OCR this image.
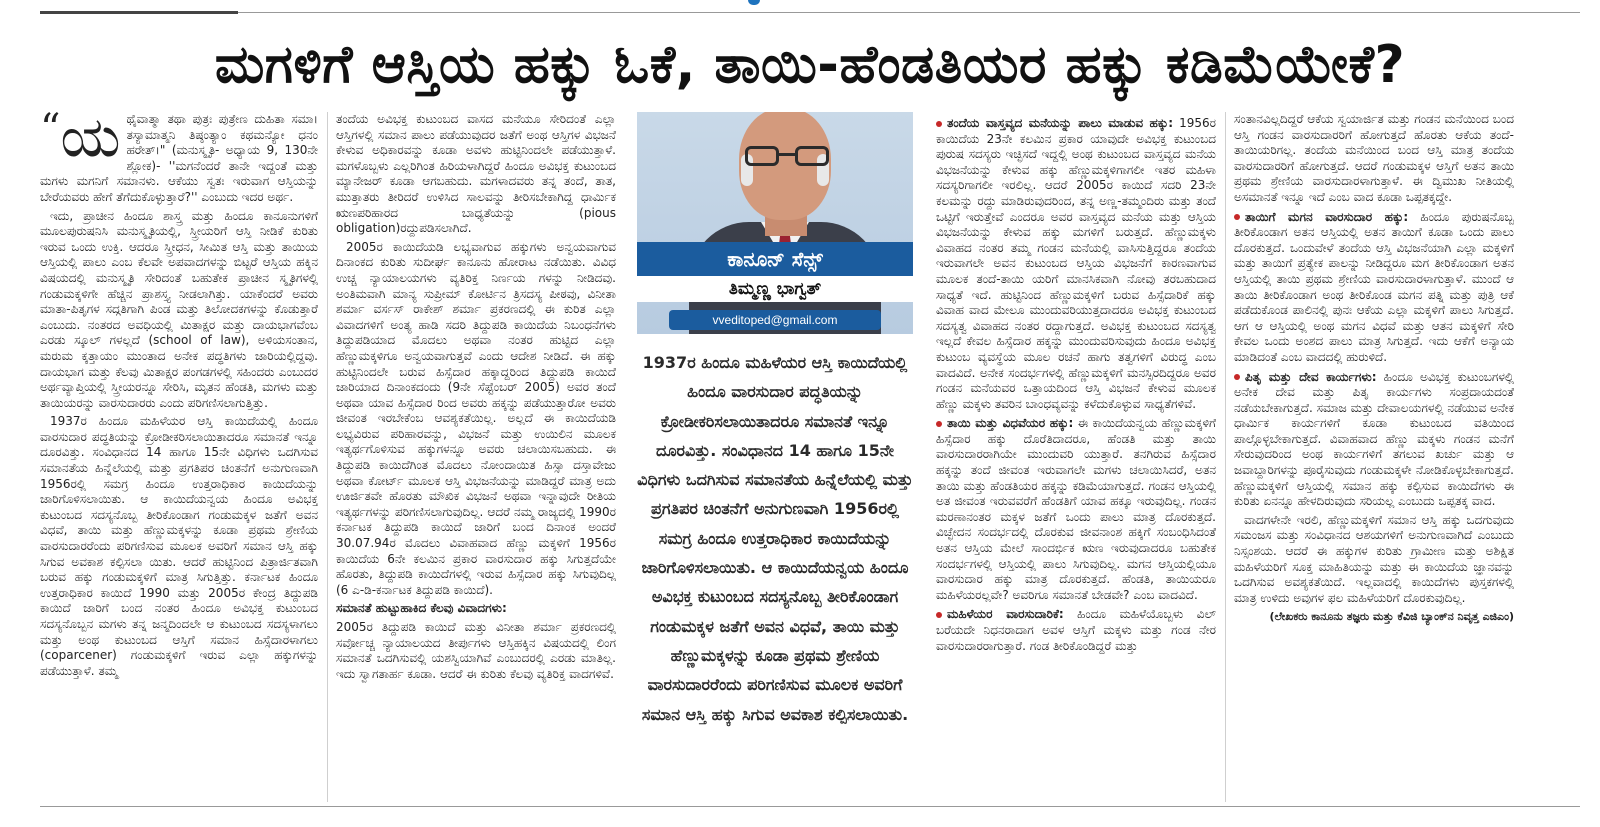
ಮಗಳಿಗೆ ಆಸ್ತಿಯ ಹಕ್ಕು ಓಕೆ, ತಾಯಿ-ಹೆಂಡತಿಯರ ಹಕ್ಕು ಕಡಿಮೆಯೇಕೆ?

“ಯ ಥೈವಾತ್ಮಾ ತಥಾ ಪುತ್ರಃ ಪುತ್ರೇಣ ದುಹಿತಾ ಸಮಾ। ತಸ್ಯಾಮಾತ್ಮನಿ ತಿಷ್ಠಂತ್ಯಾಂ ಕಥಮನ್ಯೋ ಧನಂ ಹರೇತ್।" (ಮನುಸ್ಮೃತಿ- ಅಧ್ಯಾಯ 9, 130ನೇ ಶ್ಲೋಕ)- ''ಮಗನೆಂದರೆ ತಾನೇ ಇದ್ದಂತೆ ಮತ್ತು ಮಗಳು ಮಗನಿಗೆ ಸಮಾನಳು. ಆಕೆಯು ಸ್ವತಃ ಇರುವಾಗ ಆಸ್ತಿಯನ್ನು ಬೇರೆಯವರು ಹೇಗೆ ತೆಗೆದುಕೊಳ್ಳುತ್ತಾರೆ?'' ಎಂಬುದು ಇದರ ಅರ್ಥ.

ಇದು, ಪ್ರಾಚೀನ ಹಿಂದೂ ಶಾಸ್ತ್ರ ಮತ್ತು ಹಿಂದೂ ಕಾನೂನುಗಳಿಗೆ ಮೂಲಪುರುಷನಿಸಿ ಮನುಸ್ಮೃತಿಯಲ್ಲಿ, ಸ್ತ್ರೀಯರಿಗೆ ಆಸ್ತಿ ನೀಡಿಕೆ ಕುರಿತು ಇರುವ ಒಂದು ಉಕ್ತಿ. ಆದರೂ ಸ್ತ್ರೀಧನ, ಸೀಮಿತ ಆಸ್ತಿ ಮತ್ತು ತಾಯಿಯ ಆಸ್ತಿಯಲ್ಲಿ ಪಾಲು ಎಂಬ ಕೆಲವೇ ಅಪವಾದಗಳನ್ನು ಬಿಟ್ಟರೆ ಆಸ್ತಿಯ ಹಕ್ಕಿನ ವಿಷಯದಲ್ಲಿ ಮನುಸ್ಮೃತಿ ಸೇರಿದಂತೆ ಬಹುತೇಕ ಪ್ರಾಚೀನ ಸ್ಮೃತಿಗಳಲ್ಲಿ ಗಂಡುಮಕ್ಕಳಿಗೇ ಹೆಚ್ಚಿನ ಪ್ರಾಶಸ್ತ್ಯ ನೀಡಲಾಗಿತ್ತು. ಯಾಕೆಂದರೆ ಅವರು ಮಾತಾ-ಪಿತೃಗಳ ಸದ್ಗತಿಗಾಗಿ ಪಿಂಡ ಮತ್ತು ತಿಲೋದಕಗಳನ್ನು ಕೊಡುತ್ತಾರೆ ಎಂಬುದು. ನಂತರದ ಅವಧಿಯಲ್ಲಿ ಮಿತಾಕ್ಷರ ಮತ್ತು ದಾಯಭಾಗವೆಂಬ ಎರಡು ಸ್ಕೂಲ್ ಗಳಲ್ಲದೆ (school of law), ಅಳಿಯಸಂತಾನ, ಮರುಮ ಕ್ಕತ್ತಾಯಂ ಮುಂತಾದ ಅನೇಕ ಪದ್ಧತಿಗಳು ಜಾರಿಯಲ್ಲಿದ್ದವು. ದಾಯಭಾಗ ಮತ್ತು ಕೆಲವು ಮಿತಾಕ್ಷರ ಪಂಗಡಗಳಲ್ಲಿ ಸಹಿಂದರು ಎಂಬುದರ ಅರ್ಥವ್ಯಾಪ್ತಿಯಲ್ಲಿ ಸ್ತ್ರೀಯರನ್ನೂ ಸೇರಿಸಿ, ಮೃತನ ಹೆಂಡತಿ, ಮಗಳು ಮತ್ತು ತಾಯಿಯರನ್ನು ವಾರಸುದಾರರು ಎಂದು ಪರಿಗಣಿಸಲಾಗುತ್ತಿತ್ತು.

1937ರ ಹಿಂದೂ ಮಹಿಳೆಯರ ಆಸ್ತಿ ಕಾಯಿದೆಯಲ್ಲಿ ಹಿಂದೂ ವಾರಸುದಾರ ಪದ್ಧತಿಯನ್ನು ಕ್ರೋಡೀಕರಿಸಲಾಯಿತಾದರೂ ಸಮಾನತೆ ಇನ್ನೂ ದೂರವಿತ್ತು. ಸಂವಿಧಾನದ 14 ಹಾಗೂ 15ನೇ ವಿಧಿಗಳು ಒದಗಿಸುವ ಸಮಾನತೆಯ ಹಿನ್ನೆಲೆಯಲ್ಲಿ ಮತ್ತು ಪ್ರಗತಿಪರ ಚಿಂತನೆಗೆ ಅನುಗುಣವಾಗಿ 1956ರಲ್ಲಿ ಸಮಗ್ರ ಹಿಂದೂ ಉತ್ತರಾಧಿಕಾರ ಕಾಯಿದೆಯನ್ನು ಜಾರಿಗೊಳಿಸಲಾಯಿತು. ಆ ಕಾಯಿದೆಯನ್ವಯ ಹಿಂದೂ ಅವಿಭಕ್ತ ಕುಟುಂಬದ ಸದಸ್ಯನೊಬ್ಬ ತೀರಿಕೊಂಡಾಗ ಗಂಡುಮಕ್ಕಳ ಜತೆಗೆ ಅವನ ವಿಧವೆ, ತಾಯಿ ಮತ್ತು ಹೆಣ್ಣುಮಕ್ಕಳನ್ನು ಕೂಡಾ ಪ್ರಥಮ ಶ್ರೇಣಿಯ ವಾರಸುದಾರರೆಂದು ಪರಿಗಣಿಸುವ ಮೂಲಕ ಅವರಿಗೆ ಸಮಾನ ಆಸ್ತಿ ಹಕ್ಕು ಸಿಗುವ ಅವಕಾಶ ಕಲ್ಪಿಸಲಾ ಯಿತು. ಆದರೆ ಹುಟ್ಟಿನಿಂದ ಪಿತ್ರಾರ್ಜಿತವಾಗಿ ಬರುವ ಹಕ್ಕು ಗಂಡುಮಕ್ಕಳಿಗೆ ಮಾತ್ರ ಸಿಗುತ್ತಿತ್ತು. ಕರ್ನಾಟಕ ಹಿಂದೂ ಉತ್ತರಾಧಿಕಾರ ಕಾಯಿದೆ 1990 ಮತ್ತು 2005ರ ಕೇಂದ್ರ ತಿದ್ದುಪಡಿ ಕಾಯಿದೆ ಜಾರಿಗೆ ಬಂದ ನಂತರ ಹಿಂದೂ ಅವಿಭಕ್ತ ಕುಟುಂಬದ ಸದಸ್ಯನೊಬ್ಬನ ಮಗಳು ತನ್ನ ಜನ್ಮದಿಂದಲೇ ಆ ಕುಟುಂಬದ ಸದಸ್ಯಳಾಗಲು ಮತ್ತು ಅಂಥ ಕುಟುಂಬದ ಆಸ್ತಿಗೆ ಸಮಾನ ಹಿಸ್ಸೆದಾರಳಾಗಲು (coparcener) ಗಂಡುಮಕ್ಕಳಿಗೆ ಇರುವ ಎಲ್ಲಾ ಹಕ್ಕುಗಳನ್ನು ಪಡೆಯುತ್ತಾಳೆ. ತಮ್ಮ

ತಂದೆಯ ಅವಿಭಕ್ತ ಕುಟುಂಬದ ವಾಸದ ಮನೆಯೂ ಸೇರಿದಂತೆ ಎಲ್ಲಾ ಆಸ್ತಿಗಳಲ್ಲಿ ಸಮಾನ ಪಾಲು ಪಡೆಯುವುದರ ಜತೆಗೆ ಅಂಥ ಆಸ್ತಿಗಳ ವಿಭಜನೆ ಕೇಳುವ ಅಧಿಕಾರವನ್ನು ಕೂಡಾ ಅವಳು ಹುಟ್ಟಿನಿಂದಲೇ ಪಡೆಯುತ್ತಾಳೆ. ಮಗಳೊಬ್ಬಳು ಎಲ್ಲರಿಗಿಂತ ಹಿರಿಯಳಾಗಿದ್ದರೆ ಹಿಂದೂ ಅವಿಭಕ್ತ ಕುಟುಂಬದ ಮ್ಯಾನೇಜರ್ ಕೂಡಾ ಆಗಬಹುದು. ಮಗಳಾದವರು ತನ್ನ ತಂದೆ, ತಾತ, ಮುತ್ತಾತರು ತೀರಿದರೆ ಉಳಿಸಿದ ಸಾಲವನ್ನು ತೀರಿಸಬೇಕಾಗಿದ್ದ ಧಾರ್ಮಿಕ ಋಣಪರಿಹಾರದ ಬಾಧ್ಯತೆಯನ್ನು (pious obligation)ರದ್ದುಪಡಿಸಲಾಗಿದೆ.

2005ರ ಕಾಯಿದೆಯಡಿ ಲಭ್ಯವಾಗುವ ಹಕ್ಕುಗಳು ಅನ್ವಯವಾಗುವ ದಿನಾಂಕದ ಕುರಿತು ಸುದೀರ್ಘ ಕಾನೂನು ಹೋರಾಟ ನಡೆಯಿತು. ವಿವಿಧ ಉಚ್ಚ ನ್ಯಾಯಾಲಯಗಳು ವ್ಯತಿರಿಕ್ತ ನಿರ್ಣಯ ಗಳನ್ನು ನೀಡಿದವು. ಅಂತಿಮವಾಗಿ ಮಾನ್ಯ ಸುಪ್ರೀಮ್ ಕೋರ್ಟಿನ ತ್ರಿಸದಸ್ಯ ಪೀಠವು, ವಿನೀತಾ ಶರ್ಮಾ ವರ್ಸಸ್ ರಾಕೇಶ್ ಶರ್ಮಾ ಪ್ರಕರಣದಲ್ಲಿ ಈ ಕುರಿತ ಎಲ್ಲಾ ವಿವಾದಗಳಿಗೆ ಅಂತ್ಯ ಹಾಡಿ ಸದರಿ ತಿದ್ದುಪಡಿ ಕಾಯಿದೆಯ ನಿಬಂಧನೆಗಳು ತಿದ್ದುಪಡಿಯಾದ ಮೊದಲು ಅಥವಾ ನಂತರ ಹುಟ್ಟಿದ ಎಲ್ಲಾ ಹೆಣ್ಣುಮಕ್ಕಳಿಗೂ ಅನ್ವಯವಾಗುತ್ತವೆ ಎಂದು ಆದೇಶ ನೀಡಿದೆ. ಈ ಹಕ್ಕು ಹುಟ್ಟಿನಿಂದಲೇ ಬರುವ ಹಿಸ್ಸೆದಾರ ಹಕ್ಕಾದ್ದರಿಂದ ತಿದ್ದುಪಡಿ ಕಾಯಿದೆ ಜಾರಿಯಾದ ದಿನಾಂಕದಂದು (9ನೇ ಸೆಪ್ಟೆಂಬರ್ 2005) ಅವರ ತಂದೆ ಅಥವಾ ಯಾವ ಹಿಸ್ಸೆದಾರ ರಿಂದ ಅವರು ಹಕ್ಕನ್ನು ಪಡೆಯುತ್ತಾರೋ ಅವರು ಜೀವಂತ ಇರಬೇಕೆಂಬ ಆವಶ್ಯಕತೆಯಿಲ್ಲ. ಅಲ್ಲದೆ ಈ ಕಾಯಿದೆಯಡಿ ಲಭ್ಯವಿರುವ ಪರಿಹಾರವನ್ನು, ವಿಭಜನೆ ಮತ್ತು ಉಯಿಲಿನ ಮೂಲಕ ಇತ್ಯರ್ಥಗೊಳಿಸುವ ಹಕ್ಕುಗಳನ್ನೂ ಅವರು ಚಲಾಯಿಸಬಹುದು. ಈ ತಿದ್ದುಪಡಿ ಕಾಯಿದೆಗಿಂತ ಮೊದಲು ನೋಂದಾಯಿತ ಹಿಸ್ಸಾ ದಸ್ತಾವೇಜು ಅಥವಾ ಕೋರ್ಟ್ ಮೂಲಕ ಆಸ್ತಿ ವಿಭಜನೆಯನ್ನು ಮಾಡಿದ್ದರೆ ಮಾತ್ರ ಅದು ಊರ್ಜಿತವೇ ಹೊರತು ಮೌಖಿಕ ವಿಭಜನೆ ಅಥವಾ ಇನ್ನಾವುದೇ ರೀತಿಯ ಇತ್ಯರ್ಥಗಳನ್ನು ಪರಿಗಣಿಸಲಾಗುವುದಿಲ್ಲ. ಆದರೆ ನಮ್ಮ ರಾಜ್ಯದಲ್ಲಿ 1990ರ ಕರ್ನಾಟಕ ತಿದ್ದುಪಡಿ ಕಾಯಿದೆ ಜಾರಿಗೆ ಬಂದ ದಿನಾಂಕ ಅಂದರೆ 30.07.94ರ ಮೊದಲು ವಿವಾಹವಾದ ಹೆಣ್ಣು ಮಕ್ಕಳಿಗೆ 1956ರ ಕಾಯಿದೆಯ 6ನೇ ಕಲಮಿನ ಪ್ರಕಾರ ವಾರಸುದಾರ ಹಕ್ಕು ಸಿಗುತ್ತದೆಯೇ ಹೊರತು, ತಿದ್ದುಪಡಿ ಕಾಯಿದೆಗಳಲ್ಲಿ ಇರುವ ಹಿಸ್ಸೆದಾರ ಹಕ್ಕು ಸಿಗುವುದಿಲ್ಲ (6 ಎ-ಡಿ-ಕರ್ನಾಟಕ ತಿದ್ದುಪಡಿ ಕಾಯಿದೆ).

ಸಮಾನತೆ ಹುಟ್ಟುಹಾಕಿದ ಕೆಲವು ವಿವಾದಗಳು:

2005ರ ತಿದ್ದುಪಡಿ ಕಾಯಿದೆ ಮತ್ತು ವಿನೀತಾ ಶರ್ಮಾ ಪ್ರಕರಣದಲ್ಲಿ ಸರ್ವೋಚ್ಚ ನ್ಯಾಯಾಲಯದ ತೀರ್ಪುಗಳು ಆಸ್ತಿಹಕ್ಕಿನ ವಿಷಯದಲ್ಲಿ ಲಿಂಗ ಸಮಾನತೆ ಒದಗಿಸುವಲ್ಲಿ ಯಶಸ್ವಿಯಾಗಿವೆ ಎಂಬುದರಲ್ಲಿ ಎರಡು ಮಾತಿಲ್ಲ. ಇದು ಸ್ವಾಗತಾರ್ಹ ಕೂಡಾ. ಆದರೆ ಈ ಕುರಿತು ಕೆಲವು ವ್ಯತಿರಿಕ್ತ ವಾದಗಳಿವೆ.

ಕಾನೂನ್ ಸೆನ್ಸ್
ತಿಮ್ಮಣ್ಣ ಭಾಗ್ವತ್
vveditoped@gmail.com
1937ರ ಹಿಂದೂ ಮಹಿಳೆಯರ ಆಸ್ತಿ ಕಾಯಿದೆಯಲ್ಲಿ ಹಿಂದೂ ವಾರಸುದಾರ ಪದ್ಧತಿಯನ್ನು ಕ್ರೋಡೀಕರಿಸಲಾಯಿತಾದರೂ ಸಮಾನತೆ ಇನ್ನೂ ದೂರವಿತ್ತು. ಸಂವಿಧಾನದ 14 ಹಾಗೂ 15ನೇ ವಿಧಿಗಳು ಒದಗಿಸುವ ಸಮಾನತೆಯ ಹಿನ್ನೆಲೆಯಲ್ಲಿ ಮತ್ತು ಪ್ರಗತಿಪರ ಚಿಂತನೆಗೆ ಅನುಗುಣವಾಗಿ 1956ರಲ್ಲಿ ಸಮಗ್ರ ಹಿಂದೂ ಉತ್ತರಾಧಿಕಾರ ಕಾಯಿದೆಯನ್ನು ಜಾರಿಗೊಳಿಸಲಾಯಿತು. ಆ ಕಾಯಿದೆಯನ್ವಯ ಹಿಂದೂ ಅವಿಭಕ್ತ ಕುಟುಂಬದ ಸದಸ್ಯನೊಬ್ಬ ತೀರಿಕೊಂಡಾಗ ಗಂಡುಮಕ್ಕಳ ಜತೆಗೆ ಅವನ ವಿಧವೆ, ತಾಯಿ ಮತ್ತು ಹೆಣ್ಣುಮಕ್ಕಳನ್ನು ಕೂಡಾ ಪ್ರಥಮ ಶ್ರೇಣಿಯ ವಾರಸುದಾರರೆಂದು ಪರಿಗಣಿಸುವ ಮೂಲಕ ಅವರಿಗೆ ಸಮಾನ ಆಸ್ತಿ ಹಕ್ಕು ಸಿಗುವ ಅವಕಾಶ ಕಲ್ಪಿಸಲಾಯಿತು.

ತಂದೆಯ ವಾಸ್ತವ್ಯದ ಮನೆಯನ್ನು ಪಾಲು ಮಾಡುವ ಹಕ್ಕು: 1956ರ ಕಾಯಿದೆಯ 23ನೇ ಕಲಮಿನ ಪ್ರಕಾರ ಯಾವುದೇ ಅವಿಭಕ್ತ ಕುಟುಂಬದ ಪುರುಷ ಸದಸ್ಯರು ಇಚ್ಛಿಸದೆ ಇದ್ದಲ್ಲಿ ಅಂಥ ಕುಟುಂಬದ ವಾಸ್ತವ್ಯದ ಮನೆಯ ವಿಭಜನೆಯನ್ನು ಕೇಳುವ ಹಕ್ಕು ಹೆಣ್ಣುಮಕ್ಕಳಿಗಾಗಲೀ ಇತರ ಮಹಿಳಾ ಸದಸ್ಯರಿಗಾಗಲೀ ಇರಲಿಲ್ಲ. ಆದರೆ 2005ರ ಕಾಯಿದೆ ಸದರಿ 23ನೇ ಕಲಮನ್ನು ರದ್ದು ಮಾಡಿರುವುದರಿಂದ, ತನ್ನ ಅಣ್ಣ-ತಮ್ಮಂದಿರು ಮತ್ತು ತಂದೆ ಒಟ್ಟಿಗೆ ಇರುತ್ತೇವೆ ಎಂದರೂ ಅವರ ವಾಸ್ತವ್ಯದ ಮನೆಯ ಮತ್ತು ಆಸ್ತಿಯ ವಿಭಜನೆಯನ್ನು ಕೇಳುವ ಹಕ್ಕು ಮಗಳಿಗೆ ಬರುತ್ತದೆ. ಹೆಣ್ಣುಮಕ್ಕಳು ವಿವಾಹದ ನಂತರ ತಮ್ಮ ಗಂಡನ ಮನೆಯಲ್ಲಿ ವಾಸಿಸುತ್ತಿದ್ದರೂ ತಂದೆಯ ಇರುವಾಗಲೇ ಅವನ ಕುಟುಂಬದ ಆಸ್ತಿಯ ವಿಭಜನೆಗೆ ಕಾರಣವಾಗುವ ಮೂಲಕ ತಂದೆ-ತಾಯಿ ಯರಿಗೆ ಮಾನಸಿಕವಾಗಿ ನೋವು ತರಬಹುದಾದ ಸಾಧ್ಯತೆ ಇದೆ. ಹುಟ್ಟಿನಿಂದ ಹೆಣ್ಣುಮಕ್ಕಳಿಗೆ ಬರುವ ಹಿಸ್ಸೆದಾರಿಕೆ ಹಕ್ಕು ವಿವಾಹ ವಾದ ಮೇಲೂ ಮುಂದುವರಿಯುತ್ತದಾದರೂ ಅವಿಭಕ್ತ ಕುಟುಂಬದ ಸದಸ್ಯತ್ವ ವಿವಾಹದ ನಂತರ ರದ್ದಾಗುತ್ತದೆ. ಅವಿಭಕ್ತ ಕುಟುಂಬದ ಸದಸ್ಯತ್ವ ಇಲ್ಲದೆ ಕೇವಲ ಹಿಸ್ಸೆದಾರ ಹಕ್ಕನ್ನು ಮುಂದುವರಿಸುವುದು ಹಿಂದೂ ಅವಿಭಕ್ತ ಕುಟುಂಬ ವ್ಯವಸ್ಥೆಯ ಮೂಲ ರಚನೆ ಹಾಗು ತತ್ವಗಳಿಗೆ ವಿರುದ್ಧ ಎಂಬ ವಾದವಿದೆ. ಅನೇಕ ಸಂದರ್ಭಗಳಲ್ಲಿ ಹೆಣ್ಣುಮಕ್ಕಳಿಗೆ ಮನಸ್ಸಿರದಿದ್ದರೂ ಅವರ ಗಂಡನ ಮನೆಯವರ ಒತ್ತಾಯದಿಂದ ಆಸ್ತಿ ವಿಭಜನೆ ಕೇಳುವ ಮೂಲಕ ಹೆಣ್ಣು ಮಕ್ಕಳು ತವರಿನ ಬಾಂಧವ್ಯವನ್ನು ಕಳೆದುಕೊಳ್ಳುವ ಸಾಧ್ಯತೆಗಳಿವೆ.

ತಾಯಿ ಮತ್ತು ವಿಧವೆಯರ ಹಕ್ಕು: ಈ ಕಾಯಿದೆಯನ್ವಯ ಹೆಣ್ಣುಮಕ್ಕಳಿಗೆ ಹಿಸ್ಸೆದಾರ ಹಕ್ಕು ದೊರೆತಿದಾದರೂ, ಹೆಂಡತಿ ಮತ್ತು ತಾಯಿ ವಾರಸುದಾರರಾಗಿಯೇ ಮುಂದುವರಿ ಯುತ್ತಾರೆ. ತನಗಿರುವ ಹಿಸ್ಸೆದಾರ ಹಕ್ಕನ್ನು ತಂದೆ ಜೀವಂತ ಇರುವಾಗಲೇ ಮಗಳು ಚಲಾಯಿಸಿದರೆ, ಅತನ ತಾಯಿ ಮತ್ತು ಹೆಂಡತಿಯರ ಹಕ್ಕನ್ನು ಕಡಿಮೆಯಾಗುತ್ತದೆ. ಗಂಡನ ಆಸ್ತಿಯಲ್ಲಿ ಅತ ಜೀವಂತ ಇರುವವರೆಗೆ ಹೆಂಡತಿಗೆ ಯಾವ ಹಕ್ಕೂ ಇರುವುದಿಲ್ಲ. ಗಂಡನ ಮರಣಾನಂತರ ಮಕ್ಕಳ ಜತೆಗೆ ಒಂದು ಪಾಲು ಮಾತ್ರ ದೊರಕುತ್ತದೆ. ವಿಚ್ಛೇದನ ಸಂದರ್ಭದಲ್ಲಿ ದೊರಕುವ ಜೀವನಾಂಶ ಹಕ್ಕಿಗೆ ಸಂಬಂಧಿಸಿದಂತೆ ಅತನ ಆಸ್ತಿಯ ಮೇಲೆ ಸಾಂದರ್ಭಿಕ ಋಣ ಇರುವುದಾದರೂ ಬಹುತೇಕ ಸಂದರ್ಭಗಳಲ್ಲಿ ಆಸ್ತಿಯಲ್ಲಿ ಪಾಲು ಸಿಗುವುದಿಲ್ಲ. ಮಗನ ಆಸ್ತಿಯಲ್ಲಿಯೂ ವಾರಸುದಾರ ಹಕ್ಕು ಮಾತ್ರ ದೊರಕುತ್ತದೆ. ಹೆಂಡತಿ, ತಾಯಿಯರೂ ಮಹಿಳೆಯರಲ್ಲವೇ? ಅವರಿಗೂ ಸಮಾನತೆ ಬೇಡವೇ? ಎಂಬ ವಾದವಿದೆ.

ಮಹಿಳೆಯರ ವಾರಸುದಾರಿಕೆ: ಹಿಂದೂ ಮಹಿಳೆಯೊಬ್ಬಳು ವಿಲ್ ಬರೆಯದೇ ನಿಧನರಾದಾಗ ಅವಳ ಆಸ್ತಿಗೆ ಮಕ್ಕಳು ಮತ್ತು ಗಂಡ ನೇರ ವಾರಸುದಾರರಾಗುತ್ತಾರೆ. ಗಂಡ ತೀರಿಕೊಂಡಿದ್ದರೆ ಮತ್ತು

ಸಂತಾನವಿಲ್ಲದಿದ್ದರೆ ಆಕೆಯ ಸ್ವಯಾರ್ಜಿತ ಮತ್ತು ಗಂಡನ ಮನೆಯಿಂದ ಬಂದ ಆಸ್ತಿ ಗಂಡನ ವಾರಸುದಾರರಿಗೆ ಹೋಗುತ್ತದೆ ಹೊರತು ಆಕೆಯ ತಂದೆ-ತಾಯಿಯರಿಗಲ್ಲ. ತಂದೆಯ ಮನೆಯಿಂದ ಬಂದ ಆಸ್ತಿ ಮಾತ್ರ ತಂದೆಯ ವಾರಸುದಾರರಿಗೆ ಹೋಗುತ್ತದೆ. ಆದರೆ ಗಂಡುಮಕ್ಕಳ ಆಸ್ತಿಗೆ ಅತನ ತಾಯಿ ಪ್ರಥಮ ಶ್ರೇಣಿಯ ವಾರಸುದಾರಳಾಗುತ್ತಾಳೆ. ಈ ದ್ವಿಮುಖ ನೀತಿಯಲ್ಲಿ ಅಸಮಾನತೆ ಇನ್ನೂ ಇದೆ ಎಂಬ ವಾದ ಕೂಡಾ ಒಪ್ಪತಕ್ಕದ್ದೇ.

ತಾಯಿಗೆ ಮಗನ ವಾರಸುದಾರ ಹಕ್ಕು: ಹಿಂದೂ ಪುರುಷನೊಬ್ಬ ತೀರಿಕೊಂಡಾಗ ಅತನ ಆಸ್ತಿಯಲ್ಲಿ ಅತನ ತಾಯಿಗೆ ಕೂಡಾ ಒಂದು ಪಾಲು ದೊರಕುತ್ತದೆ. ಒಂದುವೇಳೆ ತಂದೆಯ ಆಸ್ತಿ ವಿಭಜನೆಯಾಗಿ ಎಲ್ಲಾ ಮಕ್ಕಳಿಗೆ ಮತ್ತು ತಾಯಿಗೆ ಪ್ರತ್ಯೇಕ ಪಾಲನ್ನು ನೀಡಿದ್ದರೂ ಮಗ ತೀರಿಕೊಂಡಾಗ ಅತನ ಆಸ್ತಿಯಲ್ಲಿ ತಾಯಿ ಪ್ರಥಮ ಶ್ರೇಣಿಯ ವಾರಸುದಾರಳಾಗುತ್ತಾಳೆ. ಮುಂದೆ ಆ ತಾಯಿ ತೀರಿಕೊಂಡಾಗ ಅಂಥ ತೀರಿಕೊಂಡ ಮಗನ ಪತ್ನಿ ಮತ್ತು ಪುತ್ರಿ ಆಕೆ ಪಡೆದುಕೊಂಡ ಪಾಲಿನಲ್ಲಿ ಪುನಃ ಆಕೆಯ ಎಲ್ಲಾ ಮಕ್ಕಳಿಗೆ ಪಾಲು ಸಿಗುತ್ತದೆ. ಆಗ ಆ ಆಸ್ತಿಯಲ್ಲಿ ಅಂಥ ಮಗನ ವಿಧವೆ ಮತ್ತು ಆತನ ಮಕ್ಕಳಿಗೆ ಸೇರಿ ಕೇವಲ ಒಂದು ಅಂಶದ ಪಾಲು ಮಾತ್ರ ಸಿಗುತ್ತದೆ. ಇದು ಆಕೆಗೆ ಅನ್ಯಾಯ ಮಾಡಿದಂತೆ ಎಂಬ ವಾದದಲ್ಲಿ ಹುರುಳಿದೆ.

ಪಿತೃ ಮತ್ತು ದೇವ ಕಾರ್ಯಗಳು: ಹಿಂದೂ ಅವಿಭಕ್ತ ಕುಟುಂಬಗಳಲ್ಲಿ ಅನೇಕ ದೇವ ಮತ್ತು ಪಿತೃ ಕಾರ್ಯಗಳು ಸಂಪ್ರದಾಯದಂತೆ ನಡೆಯಬೇಕಾಗುತ್ತದೆ. ಸಮಾಜ ಮತ್ತು ದೇವಾಲಯಗಳಲ್ಲಿ ನಡೆಯುವ ಅನೇಕ ಧಾರ್ಮಿಕ ಕಾರ್ಯಗಳಿಗೆ ಕೂಡಾ ಕುಟುಂಬದ ವತಿಯಿಂದ ಪಾಲ್ಗೊಳ್ಳಬೇಕಾಗುತ್ತದೆ. ವಿವಾಹವಾದ ಹೆಣ್ಣು ಮಕ್ಕಳು ಗಂಡನ ಮನೆಗೆ ಸೇರುವುದರಿಂದ ಅಂಥ ಕಾರ್ಯಗಳಿಗೆ ತಗಲುವ ಖರ್ಚು ಮತ್ತು ಆ ಜವಾಬ್ದಾರಿಗಳನ್ನು ಪೂರೈಸುವುದು ಗಂಡುಮಕ್ಕಳೇ ನೋಡಿಕೊಳ್ಳಬೇಕಾಗುತ್ತದೆ. ಹೆಣ್ಣುಮಕ್ಕಳಿಗೆ ಆಸ್ತಿಯಲ್ಲಿ ಸಮಾನ ಹಕ್ಕು ಕಲ್ಪಿಸುವ ಕಾಯಿದೆಗಳು ಈ ಕುರಿತು ಏನನ್ನೂ ಹೇಳದಿರುವುದು ಸರಿಯಲ್ಲ ಎಂಬುದು ಒಪ್ಪತಕ್ಕ ವಾದ.

ವಾದಗಳೇನೇ ಇರಲಿ, ಹೆಣ್ಣುಮಕ್ಕಳಿಗೆ ಸಮಾನ ಆಸ್ತಿ ಹಕ್ಕು ಒದಗುವುದು ಸಮಂಜಸ ಮತ್ತು ಸಂವಿಧಾನದ ಆಶಯಗಳಿಗೆ ಅನುಗುಣವಾಗಿದೆ ಎಂಬುದು ನಿಸ್ಸಂಶಯ. ಆದರೆ ಈ ಹಕ್ಕುಗಳ ಕುರಿತು ಗ್ರಾಮೀಣ ಮತ್ತು ಅಶಿಕ್ಷಿತ ಮಹಿಳೆಯರಿಗೆ ಸೂಕ್ತ ಮಾಹಿತಿಯನ್ನು ಮತ್ತು ಈ ಕಾಯಿದೆಯ ಜ್ಞಾನವನ್ನು ಒದಗಿಸುವ ಅವಶ್ಯಕತೆಯಿದೆ. ಇಲ್ಲವಾದಲ್ಲಿ ಕಾಯಿದೆಗಳು ಪುಸ್ತಕಗಳಲ್ಲಿ ಮಾತ್ರ ಉಳಿದು ಅವುಗಳ ಫಲ ಮಹಿಳೆಯರಿಗೆ ದೊರಕುವುದಿಲ್ಲ.

(ಲೇಖಕರು ಕಾನೂನು ತಜ್ಞರು ಮತ್ತು ಕೆವಿಜಿ ಬ್ಯಾಂಕ್‌ನ ನಿವೃತ್ತ ಎಜಿಎಂ)
